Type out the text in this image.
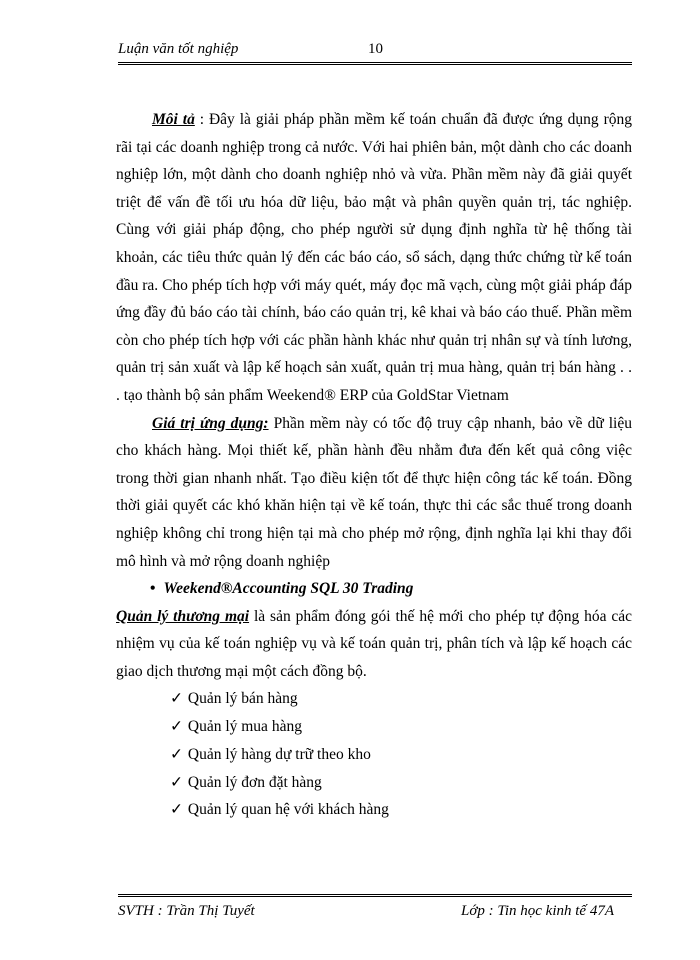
Luận văn tốt nghiệp	10

Môi tả : Đây là giải pháp phần mềm kế toán chuẩn đã được ứng dụng rộng rãi tại các doanh nghiệp trong cả nước. Với hai phiên bản, một dành cho các doanh nghiệp lớn, một dành cho doanh nghiệp nhỏ và vừa. Phần mềm này đã giải quyết triệt để vấn đề tối ưu hóa dữ liệu, bảo mật và phân quyền quản trị, tác nghiệp. Cùng với giải pháp động, cho phép người sử dụng định nghĩa từ hệ thống tài khoản, các tiêu thức quản lý đến các báo cáo, sổ sách, dạng thức chứng từ kế toán đầu ra. Cho phép tích hợp với máy quét, máy đọc mã vạch, cùng một giải pháp đáp ứng đầy đủ báo cáo tài chính, báo cáo quản trị, kê khai và báo cáo thuế. Phần mềm còn cho phép tích hợp với các phần hành khác như quản trị nhân sự và tính lương, quản trị sản xuất và lập kế hoạch sản xuất, quản trị mua hàng, quản trị bán hàng . . . tạo thành bộ sản phẩm Weekend® ERP của GoldStar Vietnam

Giá trị ứng dụng: Phần mềm này có tốc độ truy cập nhanh, bảo về dữ liệu cho khách hàng. Mọi thiết kế, phần hành đều nhằm đưa đến kết quả công việc trong thời gian nhanh nhất. Tạo điều kiện tốt để thực hiện công tác kế toán. Đồng thời giải quyết các khó khăn hiện tại về kế toán, thực thi các sắc thuế trong doanh nghiệp không chỉ trong hiện tại mà cho phép mở rộng, định nghĩa lại khi thay đổi mô hình và mở rộng doanh nghiệp

• Weekend®Accounting SQL 30 Trading

Quản lý thương mại là sản phẩm đóng gói thế hệ mới cho phép tự động hóa các nhiệm vụ của kế toán nghiệp vụ và kế toán quản trị, phân tích và lập kế hoạch các giao dịch thương mại một cách đồng bộ.

✓ Quản lý bán hàng
✓ Quản lý mua hàng
✓ Quản lý hàng dự trữ theo kho
✓ Quản lý đơn đặt hàng
✓ Quản lý quan hệ với khách hàng
SVTH : Trần Thị Tuyết	Lớp : Tin học kinh tế 47A
